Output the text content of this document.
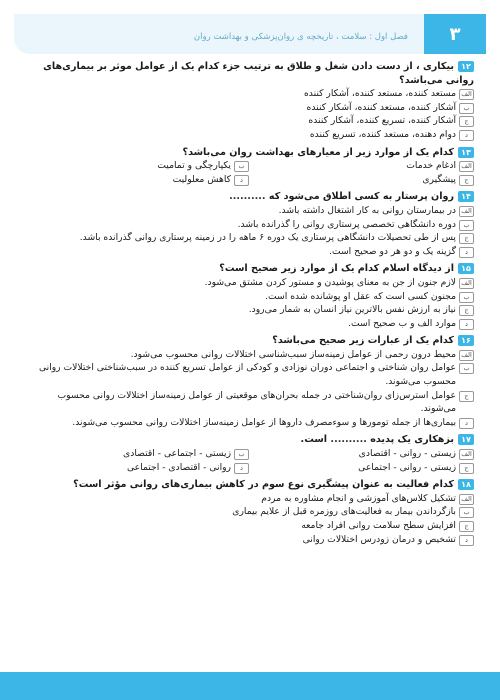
۳
فصل اول : سلامت ، تاریخچه ی روان‌پزشکی و بهداشت روان
۱۲بیکاری ، از دست دادن شغل و طلاق به ترتیب جزء کدام یک از عوامل موثر بر بیماری‌های روانی می‌باشد؟
الف
مستعد کننده، مستعد کننده، آشکار کننده
ب
آشکار کننده، مستعد کننده، آشکار کننده
ج
آشکار کننده، تسریع کننده، آشکار کننده
د
دوام دهنده، مستعد کننده، تسریع کننده
۱۳کدام یک از موارد زیر از معیارهای بهداشت روان می‌باشد؟
الف
ادغام خدمات
ب
یکپارچگی و تمامیت
ج
پیشگیری
د
کاهش معلولیت
۱۴روان پرستار به کسی اطلاق می‌شود که ..........
الف
در بیمارستان روانی به کار اشتغال داشته باشد.
ب
دوره دانشگاهی تخصصی پرستاری روانی را گذرانده باشد.
ج
پس از طی تحصیلات دانشگاهی پرستاری یک دوره ۶ ماهه را در زمینه پرستاری روانی گذرانده باشد.
د
گزینه یک و دو هر دو صحیح است.
۱۵از دیدگاه اسلام کدام یک از موارد زیر صحیح است؟
الف
لازم جنون از جن به معنای پوشیدن و مستور کردن مشتق می‌شود.
ب
مجنون کسی است که عقل او پوشانده شده است.
ج
نیاز به ارزش نفس بالاترین نیاز انسان به شمار می‌رود.
د
موارد الف و ب صحیح است.
۱۶کدام یک از عبارات زیر صحیح می‌باشد؟
الف
محیط درون رحمی از عوامل زمینه‌ساز سبب‌شناسی اختلالات روانی محسوب می‌شود.
ب
عوامل روان شناختی و اجتماعی دوران نوزادی و کودکی از عوامل تسریع کننده در سبب‌شناختی اختلالات روانی محسوب می‌شوند.
ج
عوامل استرس‌زای روان‌شناختی در جمله بحران‌های موقعیتی از عوامل زمینه‌ساز اختلالات روانی محسوب می‌شوند.
د
بیماری‌ها از جمله تومورها و سوء‌مصرف داروها از عوامل زمینه‌ساز اختلالات روانی محسوب می‌شوند.
۱۷بزهکاری یک پدیده .......... است.
الف
زیستی - روانی - اقتصادی
ب
زیستی - اجتماعی - اقتصادی
ج
زیستی - روانی - اجتماعی
د
روانی - اقتصادی - اجتماعی
۱۸کدام فعالیت به عنوان پیشگیری نوع سوم در کاهش بیماری‌های روانی مؤثر است؟
الف
تشکیل کلاس‌های آموزشی و انجام مشاوره به مردم
ب
بازگرداندن بیمار به فعالیت‌های روزمره قبل از علایم بیماری
ج
افزایش سطح سلامت روانی افراد جامعه
د
تشخیص و درمان زودرس اختلالات روانی
